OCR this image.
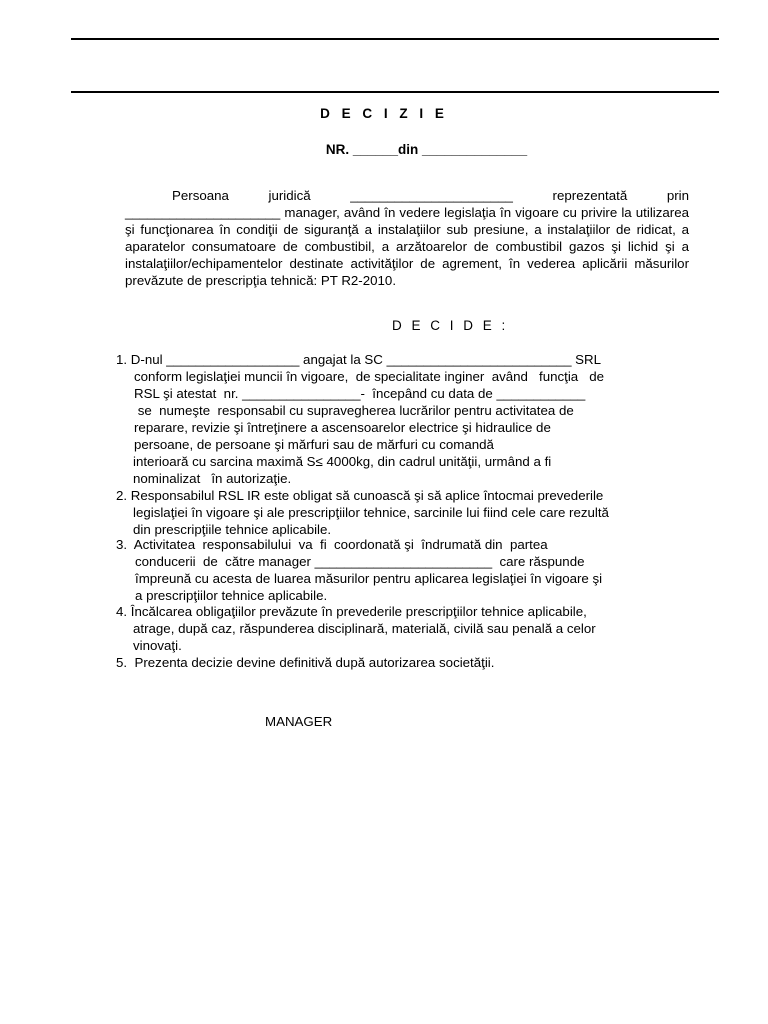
D E C I Z I E
NR. ______din ______________
Persoana juridică ______________________ reprezentată prin
_____________________ manager, având în vedere legislaţia în vigoare cu privire la utilizarea şi funcţionarea în condiţii de siguranţă a instalaţiilor sub presiune, a instalaţiilor de ridicat, a aparatelor consumatoare de combustibil, a arzătoarelor de combustibil gazos şi lichid şi a instalaţiilor/echipamentelor destinate activităţilor de agrement, în vederea aplicării măsurilor prevăzute de prescripţia tehnică: PT R2-2010.
D E C I D E :
1. D-nul __________________ angajat la SC _________________________ SRL
conform legislaţiei muncii în vigoare,  de specialitate inginer  având   funcţia   de
RSL şi atestat  nr. ________________-  începând cu data de ____________
se  numeşte  responsabil cu supravegherea lucrărilor pentru activitatea de
reparare, revizie şi întreţinere a ascensoarelor electrice şi hidraulice de
persoane, de persoane şi mărfuri sau de mărfuri cu comandă
interioară cu sarcina maximă S≤ 4000kg, din cadrul unităţii, urmând a fi
nominalizat   în autorizaţie.
2. Responsabilul RSL IR este obligat să cunoască şi să aplice întocmai prevederile
legislaţiei în vigoare şi ale prescripţiilor tehnice, sarcinile lui fiind cele care rezultă
din prescripţiile tehnice aplicabile.
3.  Activitatea  responsabilului  va  fi  coordonată şi  îndrumată din  partea
conducerii  de  către manager ________________________  care răspunde
împreună cu acesta de luarea măsurilor pentru aplicarea legislaţiei în vigoare şi
a prescripţiilor tehnice aplicabile.
4. Încălcarea obligaţiilor prevăzute în prevederile prescripţiilor tehnice aplicabile,
atrage, după caz, răspunderea disciplinară, materială, civilă sau penală a celor
vinovaţi.
5.  Prezenta decizie devine definitivă după autorizarea societăţii.
MANAGER
